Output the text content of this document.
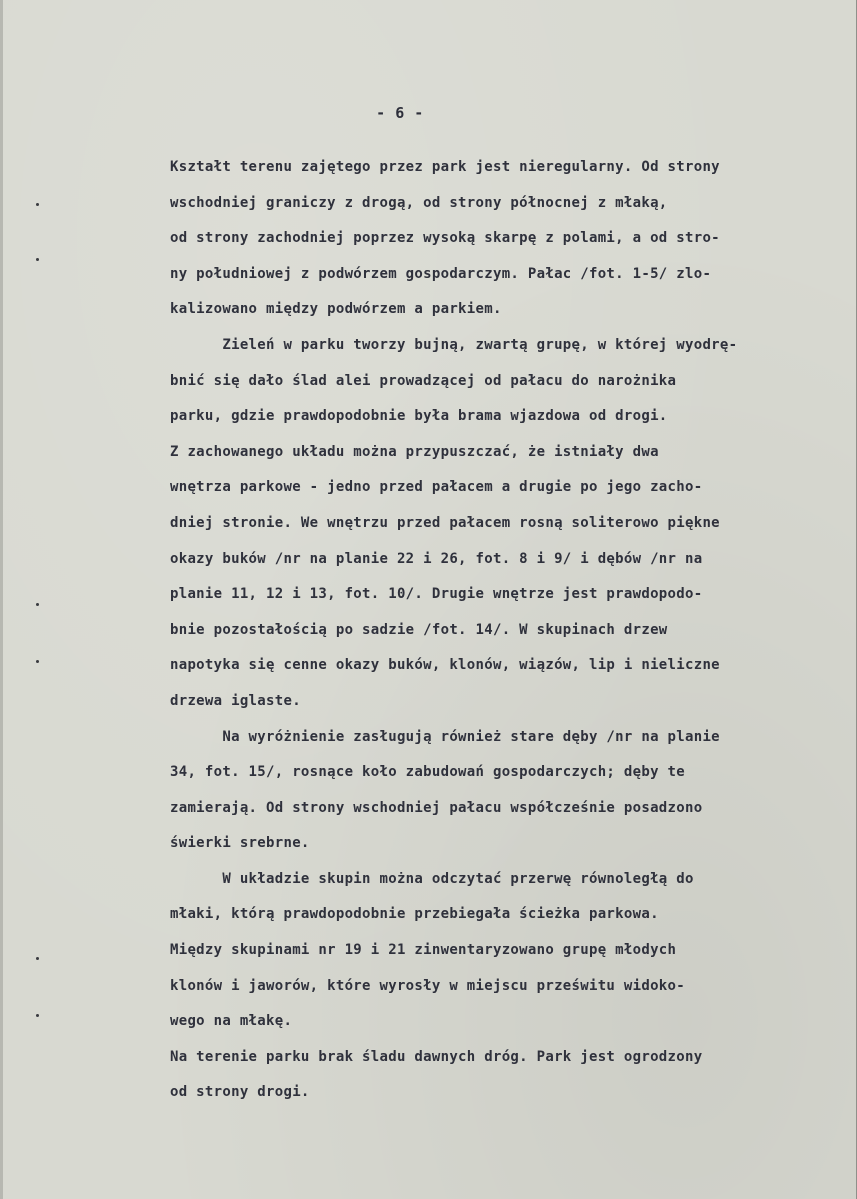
- 6 -
Kształt terenu zajętego przez park jest nieregularny. Od strony
wschodniej graniczy z drogą, od strony północnej z młaką,
od strony zachodniej poprzez wysoką skarpę z polami, a od stro-
ny południowej z podwórzem gospodarczym. Pałac /fot. 1-5/ zlo-
kalizowano między podwórzem a parkiem.
Zieleń w parku tworzy bujną, zwartą grupę, w której wyodrę-
bnić się dało ślad alei prowadzącej od pałacu do narożnika
parku, gdzie prawdopodobnie była brama wjazdowa od drogi.
Z zachowanego układu można przypuszczać, że istniały dwa
wnętrza parkowe - jedno przed pałacem a drugie po jego zacho-
dniej stronie. We wnętrzu przed pałacem rosną soliterowo piękne
okazy buków /nr na planie 22 i 26, fot. 8 i 9/ i dębów /nr na
planie 11, 12 i 13, fot. 10/. Drugie wnętrze jest prawdopodo-
bnie pozostałością po sadzie /fot. 14/. W skupinach drzew
napotyka się cenne okazy buków, klonów, wiązów, lip i nieliczne
drzewa iglaste.
Na wyróżnienie zasługują również stare dęby /nr na planie
34, fot. 15/, rosnące koło zabudowań gospodarczych; dęby te
zamierają. Od strony wschodniej pałacu współcześnie posadzono
świerki srebrne.
W układzie skupin można odczytać przerwę równoległą do
młaki, którą prawdopodobnie przebiegała ścieżka parkowa.
Między skupinami nr 19 i 21 zinwentaryzowano grupę młodych
klonów i jaworów, które wyrosły w miejscu prześwitu widoko-
wego na młakę.
Na terenie parku brak śladu dawnych dróg. Park jest ogrodzony
od strony drogi.
